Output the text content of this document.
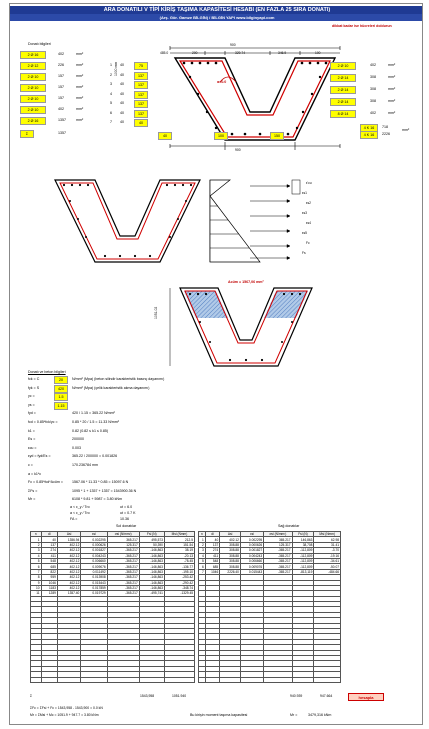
ARA DONATILI V TİPİ KİRİŞ TAŞIMA KAPASİTESİ HESABI (EN FAZLA 25 SIRA DONATI)
(Arş. Gör. Gamze BİLGİN) / BİLGİN YAPI www.bilginyapi.com
dikkat kadar ise hücreleri doldurun
Donatı bilgileri
2 Ø 16	402	mm²
2 Ø 12	226	mm²
2 Ø 10	157	mm²
2 Ø 10	157	mm²
2 Ø 10	157	mm²
2 Ø 10	402	mm²
2 Ø 16	1357	mm²
Σ	1357
900
485.0	200	329.74	346.9	100
α=0.0
900
1 40	75
2 40	137
3 40	137
4 40	137
5 40	137
6 40	137
7 40	40
1000 mm
40	100	150
2 Ø 10	402	mm²
2 Ø 14	308	mm²
2 Ø 14	308	mm²
2 Ø 14	308	mm²
8 Ø 14	402	mm²
4 K 16	718
4 K 16	2226
mm²
ε'cu
εs1
εs2
εs3
εs4
εs5
Fc
Fs
Acüm = 1567,06 mm²
1051.02
Donatı ve beton bilgileri
fck = C	20	N/mm² (Mpa) (beton silindir karakteristik basınç dayanımı)
fyk = S	420	N/mm² (Mpa) (çelik karakteristik akma dayanımı)
γc =	1.5
γs =	1.15
fyd =	420 / 1.15 = 365.22 N/mm²
fcd = 0.85*fck/γc =	0.85 * 20 / 1.5 = 11.33 N/mm²
k1 =	0.82 (0.82 ≤ k1 ≤ 0.85)
Es =	200000
εcu =	0.003
εyd = fyd/Es =	365.22 / 200000 = 0.001826
c =	170.236784 mm
a = k1*c
Fc = 0.85*fcd*Acüm =	1567.06 * 11.33 * 0.85 = 15097.6 N
ΣFs =	1095 * 1 + 1357 + 1357 = 1543900.36 N
Mr =	6108 * 9.81 + 5987 = 3.80 kNm
a < ε_y / Tro	ut = 6.0
a < ε_y / Tro	ut = 0.7 K
FA =	10.36
Sol donatılar	Sağ donatılar
n	di	Asi	εsi	σsi (N/mm²)	Fsi (N)	Msi (Nmm)
1	40	1356.94	0.002295	365.217	495,573	212.5
2	137	402.12	0.000626	125.317	50,390	151.54
3	274	402.12	0.001827	-365.217	-146,863	38.19
4	411	402.12	0.004243	-365.217	-146,863	-20.13
5	548	402.12	0.006660	-365.217	-146,863	-78.45
6	685	402.12	0.009076	-365.217	-146,863	-136.77
7	822	402.12	0.011492	-365.217	-146,863	-195.10
8	959	402.12	0.013908	-365.217	-146,863	-253.42
9	1046	402.12	0.015443	-365.217	-146,863	-290.42
10	1183	402.12	0.017859	-365.217	-146,863	-348.74
11	1289	1357.40	0.019729	-365.217	-495,741	-1329.45

n	di	Asi	εsi	σsi (N/mm²)	Fsi (N)	Msi (Nmm)
1	40	402.12	0.002295	365.217	146,863	62.98
2	137	308.88	0.000626	125.317	38,708	31.41
3	274	308.88	0.001827	-365.217	-112,809	-3.70
4	411	308.88	0.004243	-365.217	-112,809	-19.16
5	548	308.88	0.006660	-365.217	-112,809	-34.61
6	685	308.88	0.009076	-365.217	-112,809	-50.07
7	1046	2226.40	0.015443	-365.217	-813,119	-484.66

Σ	1543,958	1051.940	940.939	947.664	hesapla
ΣFc = ΣFsi + Fc = 1543,958 - 1543,900 = 0.0 kN
Mr = ΣMsi + Mc = 1051.9 + 947.7 = 3.80 kNm	Bu kirişin moment taşıma kapasitesi	Mr =	3479,316 kNm
